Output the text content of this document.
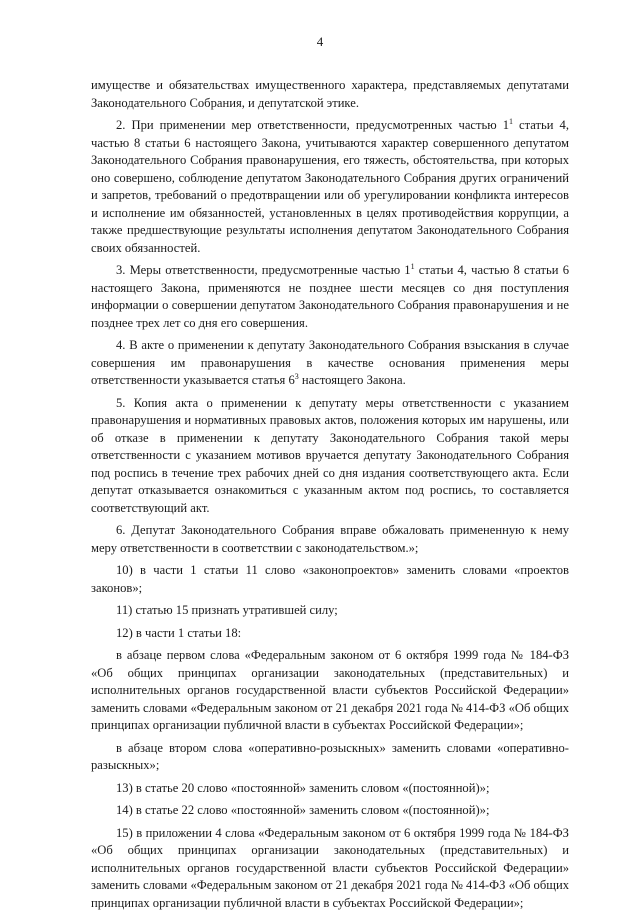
4

имуществе и обязательствах имущественного характера, представляемых депутатами Законодательного Собрания, и депутатской этике.

2. При применении мер ответственности, предусмотренных частью $1^1$ статьи 4, частью 8 статьи 6 настоящего Закона, учитываются характер совершенного депутатом Законодательного Собрания правонарушения, его тяжесть, обстоятельства, при которых оно совершено, соблюдение депутатом Законодательного Собрания других ограничений и запретов, требований о предотвращении или об урегулировании конфликта интересов и исполнение им обязанностей, установленных в целях противодействия коррупции, а также предшествующие результаты исполнения депутатом Законодательного Собрания своих обязанностей.

3. Меры ответственности, предусмотренные частью $1^1$ статьи 4, частью 8 статьи 6 настоящего Закона, применяются не позднее шести месяцев со дня поступления информации о совершении депутатом Законодательного Собрания правонарушения и не позднее трех лет со дня его совершения.

4. В акте о применении к депутату Законодательного Собрания взыскания в случае совершения им правонарушения в качестве основания применения меры ответственности указывается статья $6^3$ настоящего Закона.

5. Копия акта о применении к депутату меры ответственности с указанием правонарушения и нормативных правовых актов, положения которых им нарушены, или об отказе в применении к депутату Законодательного Собрания такой меры ответственности с указанием мотивов вручается депутату Законодательного Собрания под роспись в течение трех рабочих дней со дня издания соответствующего акта. Если депутат отказывается ознакомиться с указанным актом под роспись, то составляется соответствующий акт.

6. Депутат Законодательного Собрания вправе обжаловать примененную к нему меру ответственности в соответствии с законодательством.»;

10) в части 1 статьи 11 слово «законопроектов» заменить словами «проектов законов»;

11) статью 15 признать утратившей силу;

12) в части 1 статьи 18:

в абзаце первом слова «Федеральным законом от 6 октября 1999 года № 184-ФЗ «Об общих принципах организации законодательных (представительных) и исполнительных органов государственной власти субъектов Российской Федерации» заменить словами «Федеральным законом от 21 декабря 2021 года № 414-ФЗ «Об общих принципах организации публичной власти в субъектах Российской Федерации»;

в абзаце втором слова «оперативно-розыскных» заменить словами «оперативно-разыскных»;

13) в статье 20 слово «постоянной» заменить словом «(постоянной)»;

14) в статье 22 слово «постоянной» заменить словом «(постоянной)»;

15) в приложении 4 слова «Федеральным законом от 6 октября 1999 года № 184-ФЗ «Об общих принципах организации законодательных (представительных) и исполнительных органов государственной власти субъектов Российской Федерации» заменить словами «Федеральным законом от 21 декабря 2021 года № 414-ФЗ «Об общих принципах организации публичной власти в субъектах Российской Федерации»;
